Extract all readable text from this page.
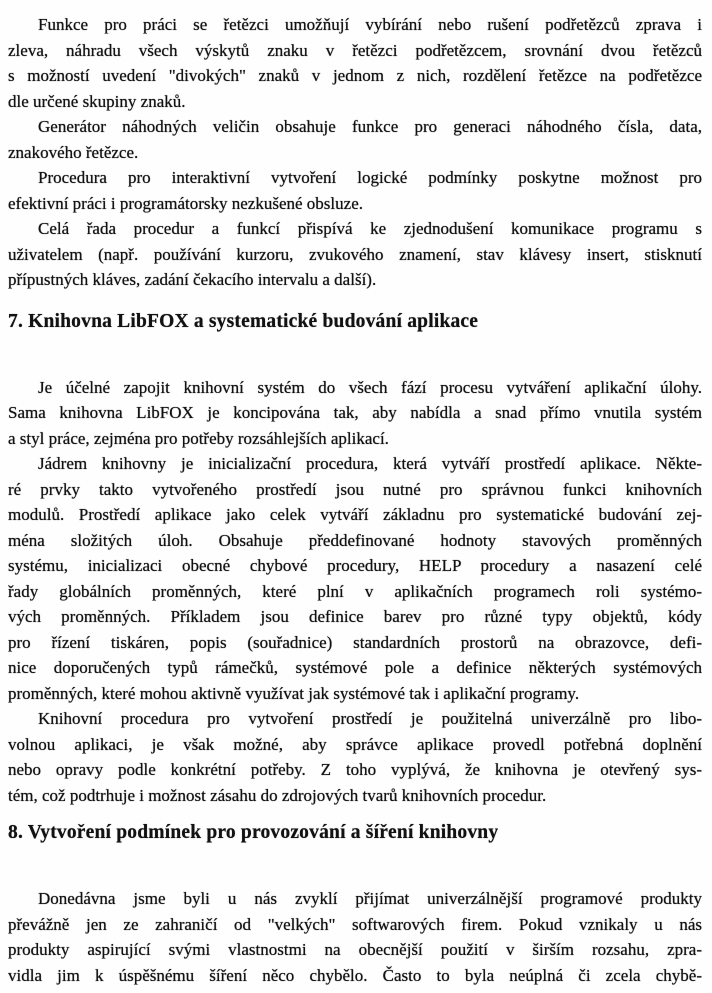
Funkce pro práci se řetězci umožňují vybírání nebo rušení podřetězců zprava i
zleva, náhradu všech výskytů znaku v řetězci podřetězcem, srovnání dvou řetězců
s možností uvedení "divokých" znaků v jednom z nich, rozdělení řetězce na podřetězce
dle určené skupiny znaků.

Generátor náhodných veličin obsahuje funkce pro generaci náhodného čísla, data,
znakového řetězce.

Procedura pro interaktivní vytvoření logické podmínky poskytne možnost pro
efektivní práci i programátorsky nezkušené obsluze.

Celá řada procedur a funkcí přispívá ke zjednodušení komunikace programu s
uživatelem (např. používání kurzoru, zvukového znamení, stav klávesy insert, stisknutí
přípustných kláves, zadání čekacího intervalu a další).

7. Knihovna LibFOX a systematické budování aplikace

Je účelné zapojit knihovní systém do všech fází procesu vytváření aplikační úlohy.
Sama knihovna LibFOX je koncipována tak, aby nabídla a snad přímo vnutila systém
a styl práce, zejména pro potřeby rozsáhlejších aplikací.

Jádrem knihovny je inicializační procedura, která vytváří prostředí aplikace. Někte-
ré prvky takto vytvořeného prostředí jsou nutné pro správnou funkci knihovních
modulů. Prostředí aplikace jako celek vytváří základnu pro systematické budování zej-
ména složitých úloh. Obsahuje předdefinované hodnoty stavových proměnných
systému, inicializaci obecné chybové procedury, HELP procedury a nasazení celé
řady globálních proměnných, které plní v aplikačních programech roli systémo-
vých proměnných. Příkladem jsou definice barev pro různé typy objektů, kódy
pro řízení tiskáren, popis (souřadnice) standardních prostorů na obrazovce, defi-
nice doporučených typů rámečků, systémové pole a definice některých systémových
proměnných, které mohou aktivně využívat jak systémové tak i aplikační programy.

Knihovní procedura pro vytvoření prostředí je použitelná univerzálně pro libo-
volnou aplikaci, je však možné, aby správce aplikace provedl potřebná doplnění
nebo opravy podle konkrétní potřeby. Z toho vyplývá, že knihovna je otevřený sys-
tém, což podtrhuje i možnost zásahu do zdrojových tvarů knihovních procedur.

8. Vytvoření podmínek pro provozování a šíření knihovny

Donedávna jsme byli u nás zvyklí přijímat univerzálnější programové produkty
převážně jen ze zahraničí od "velkých" softwarových firem. Pokud vznikaly u nás
produkty aspirující svými vlastnostmi na obecnější použití v širším rozsahu, zpra-
vidla jim k úspěšnému šíření něco chybělo. Často to byla neúplná či zcela chybě-
